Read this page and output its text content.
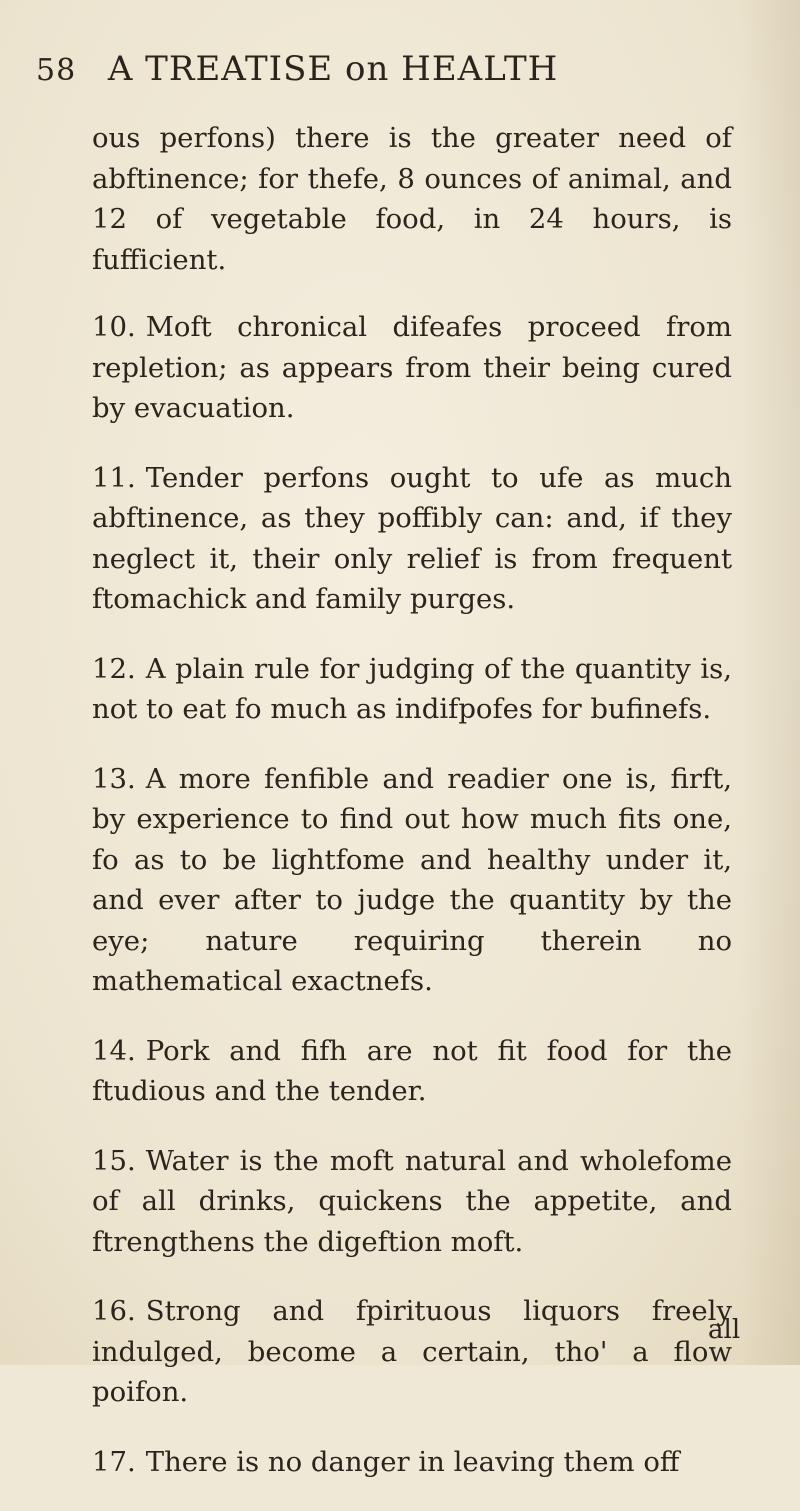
58 A TREATISE on HEALTH

ous perfons) there is the greater need of abftinence; for thefe, 8 ounces of animal, and 12 of vegetable food, in 24 hours, is fufficient.

10. Moft chronical difeafes proceed from repletion; as appears from their being cured by evacuation.

11. Tender perfons ought to ufe as much abftinence, as they poffibly can: and, if they neglect it, their only relief is from frequent ftomachick and family purges.

12. A plain rule for judging of the quantity is, not to eat fo much as indifpofes for bufinefs.

13. A more fenfible and readier one is, firft, by experience to find out how much fits one, fo as to be lightfome and healthy under it, and ever after to judge the quantity by the eye; nature requiring therein no mathematical exactnefs.

14. Pork and fifh are not fit food for the ftudious and the tender.

15. Water is the moft natural and wholefome of all drinks, quickens the appetite, and ftrengthens the digeftion moft.

16. Strong and fpirituous liquors freely indulged, become a certain, tho' a flow poifon.

17. There is no danger in leaving them off

all
